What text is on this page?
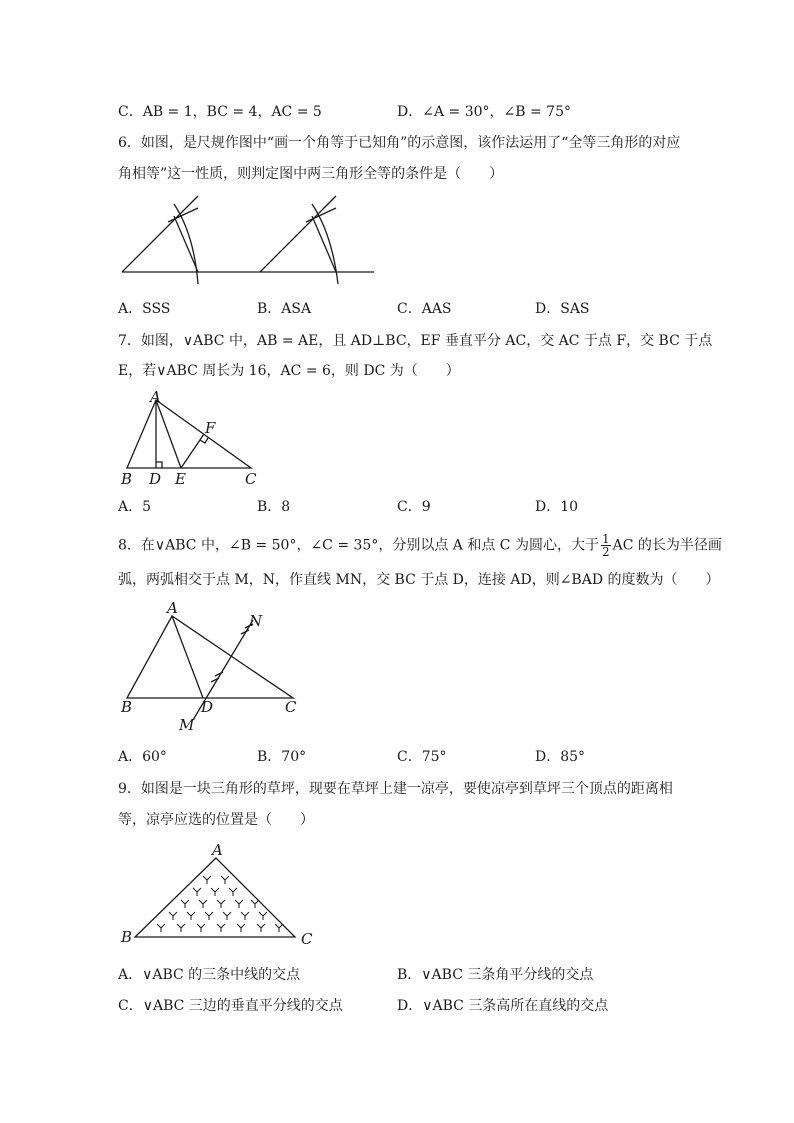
C．AB = 1，BC = 4，AC = 5	D．∠A = 30°，∠B = 75°
6．如图，是尺规作图中“画一个角等于已知角”的示意图，该作法运用了“全等三角形的对应
角相等”这一性质，则判定图中两三角形全等的条件是（　　）
A．SSS	B．ASA	C．AAS	D．SAS
7．如图，∨ABC 中，AB = AE，且 AD⊥BC，EF 垂直平分 AC，交 AC 于点 F，交 BC 于点
E，若∨ABC 周长为 16，AC = 6，则 DC 为（　　）
A
B D E
F
C
A．5	B．8	C．9	D．10
8．在∨ABC 中，∠B = 50°，∠C = 35°，分别以点 A 和点 C 为圆心，大于 $\frac{1}{2}$ AC 的长为半径画
弧，两弧相交于点 M，N，作直线 MN，交 BC 于点 D，连接 AD，则∠BAD 的度数为（　　）
A
N
B	D	C
M
A．60°	B．70°	C．75°	D．85°
9．如图是一块三角形的草坪，现要在草坪上建一凉亭，要使凉亭到草坪三个顶点的距离相
等，凉亭应选的位置是（　　）
A
B	C
A．∨ABC 的三条中线的交点	B．∨ABC 三条角平分线的交点
C．∨ABC 三边的垂直平分线的交点	D．∨ABC 三条高所在直线的交点
